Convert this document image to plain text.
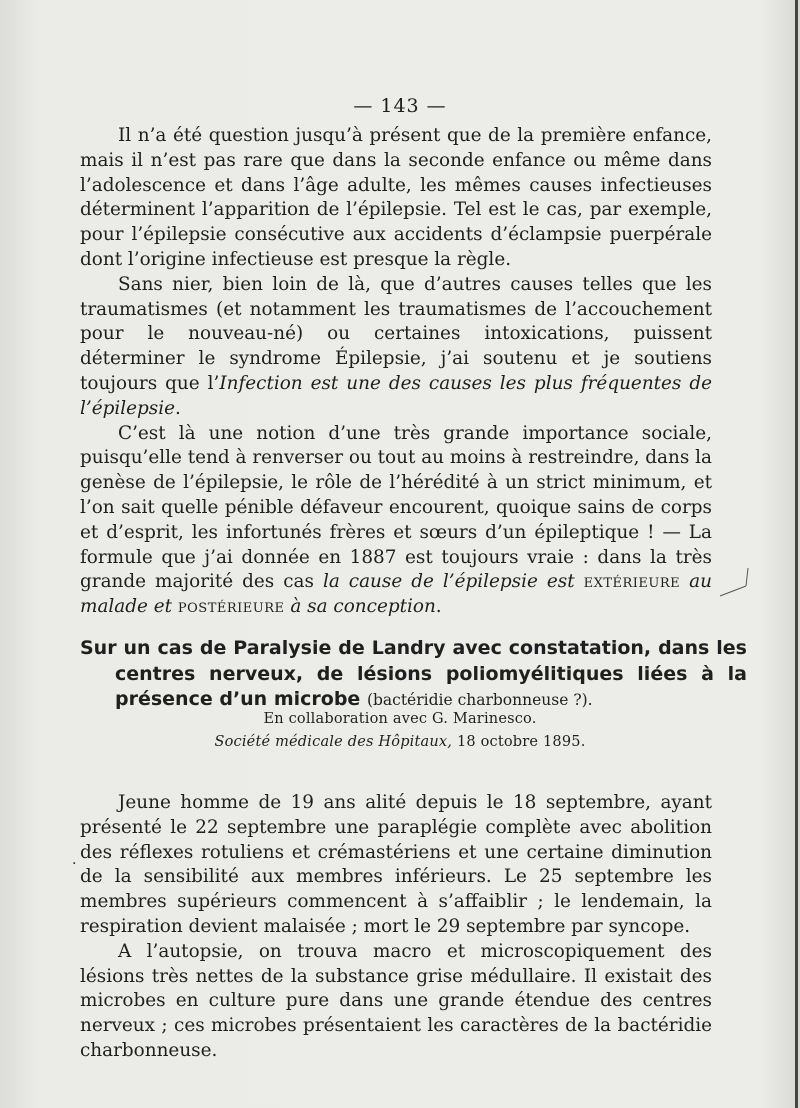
— 143 —

Il n’a été question jusqu’à présent que de la première enfance, mais il n’est pas rare que dans la seconde enfance ou même dans l’adolescence et dans l’âge adulte, les mêmes causes infectieuses déterminent l’apparition de l’épilepsie. Tel est le cas, par exemple, pour l’épilepsie consécutive aux accidents d’éclampsie puerpérale dont l’origine infectieuse est presque la règle.

Sans nier, bien loin de là, que d’autres causes telles que les traumatismes (et notamment les traumatismes de l’accouchement pour le nouveau-né) ou certaines intoxications, puissent déterminer le syndrome Épilepsie, j’ai soutenu et je soutiens toujours que l’Infection est une des causes les plus fréquentes de l’épilepsie.

C’est là une notion d’une très grande importance sociale, puisqu’elle tend à renverser ou tout au moins à restreindre, dans la genèse de l’épilepsie, le rôle de l’hérédité à un strict minimum, et l’on sait quelle pénible défaveur encourent, quoique sains de corps et d’esprit, les infortunés frères et sœurs d’un épileptique ! — La formule que j’ai donnée en 1887 est toujours vraie : dans la très grande majorité des cas la cause de l’épilepsie est extérieure au malade et postérieure à sa conception.

Sur un cas de Paralysie de Landry avec constatation, dans les centres nerveux, de lésions poliomyélitiques liées à la présence d’un microbe (bactéridie charbonneuse ?).
En collaboration avec G. Marinesco.
Société médicale des Hôpitaux, 18 octobre 1895.

Jeune homme de 19 ans alité depuis le 18 septembre, ayant présenté le 22 septembre une paraplégie complète avec abolition des réflexes rotuliens et crémastériens et une certaine diminution de la sensibilité aux membres inférieurs. Le 25 septembre les membres supérieurs commencent à s’affaiblir ; le lendemain, la respiration devient malaisée ; mort le 29 septembre par syncope.

A l’autopsie, on trouva macro et microscopiquement des lésions très nettes de la substance grise médullaire. Il existait des microbes en culture pure dans une grande étendue des centres nerveux ; ces microbes présentaient les caractères de la bactéridie charbonneuse.

·
